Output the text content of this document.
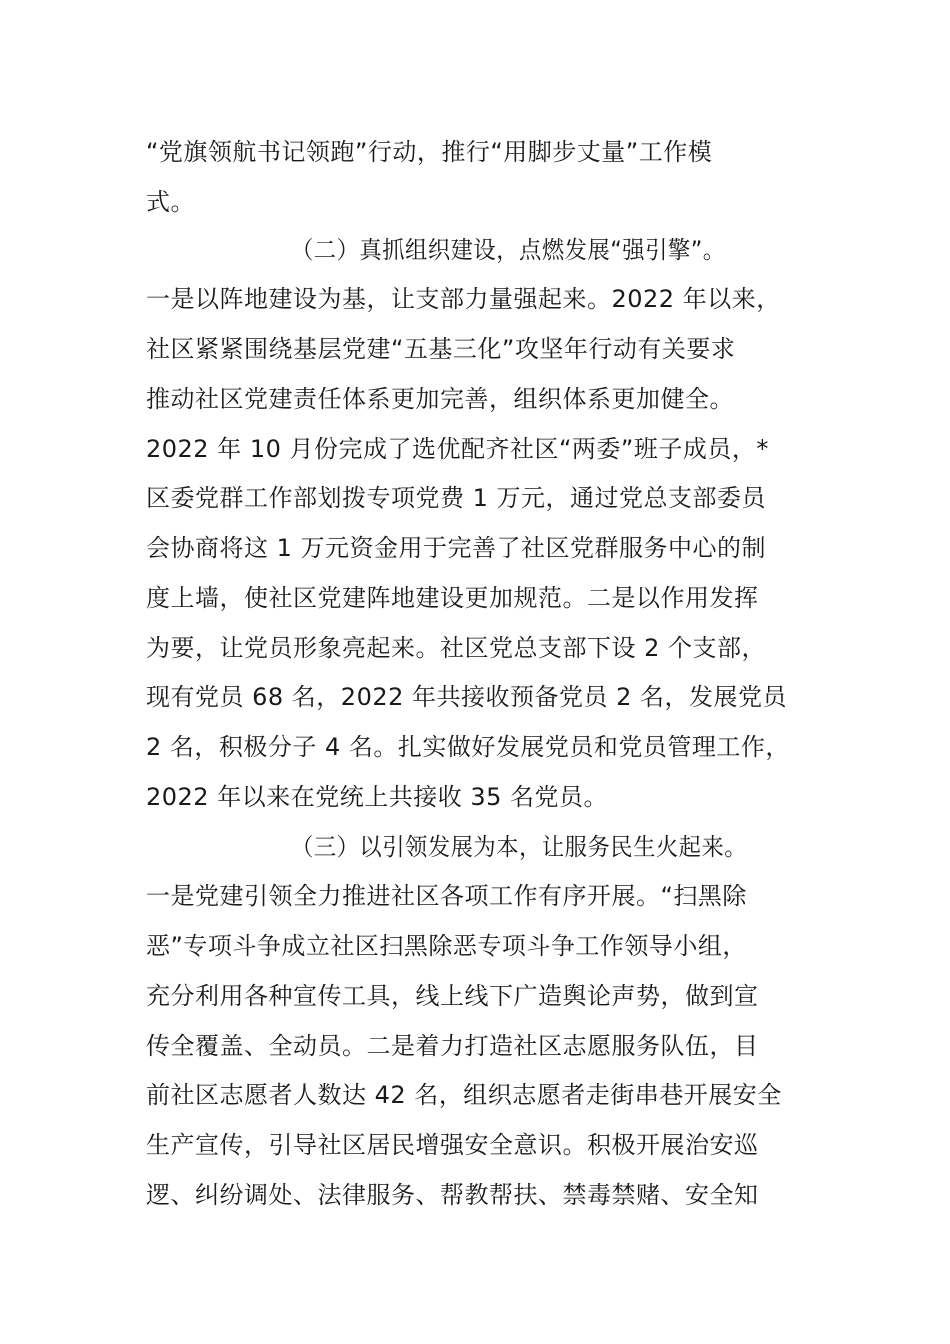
“党旗领航书记领跑”行动，推行“用脚步丈量”工作模
式。
（二）真抓组织建设，点燃发展“强引擎”。
一是以阵地建设为基，让支部力量强起来。2022 年以来，
社区紧紧围绕基层党建“五基三化”攻坚年行动有关要求
推动社区党建责任体系更加完善，组织体系更加健全。
2022 年 10 月份完成了选优配齐社区“两委”班子成员，*
区委党群工作部划拨专项党费 1 万元，通过党总支部委员
会协商将这 1 万元资金用于完善了社区党群服务中心的制
度上墙，使社区党建阵地建设更加规范。二是以作用发挥
为要，让党员形象亮起来。社区党总支部下设 2 个支部，
现有党员 68 名，2022 年共接收预备党员 2 名，发展党员
2 名，积极分子 4 名。扎实做好发展党员和党员管理工作，
2022 年以来在党统上共接收 35 名党员。
（三）以引领发展为本，让服务民生火起来。
一是党建引领全力推进社区各项工作有序开展。“扫黑除
恶”专项斗争成立社区扫黑除恶专项斗争工作领导小组，
充分利用各种宣传工具，线上线下广造舆论声势，做到宣
传全覆盖、全动员。二是着力打造社区志愿服务队伍，目
前社区志愿者人数达 42 名，组织志愿者走街串巷开展安全
生产宣传，引导社区居民增强安全意识。积极开展治安巡
逻、纠纷调处、法律服务、帮教帮扶、禁毒禁赌、安全知
